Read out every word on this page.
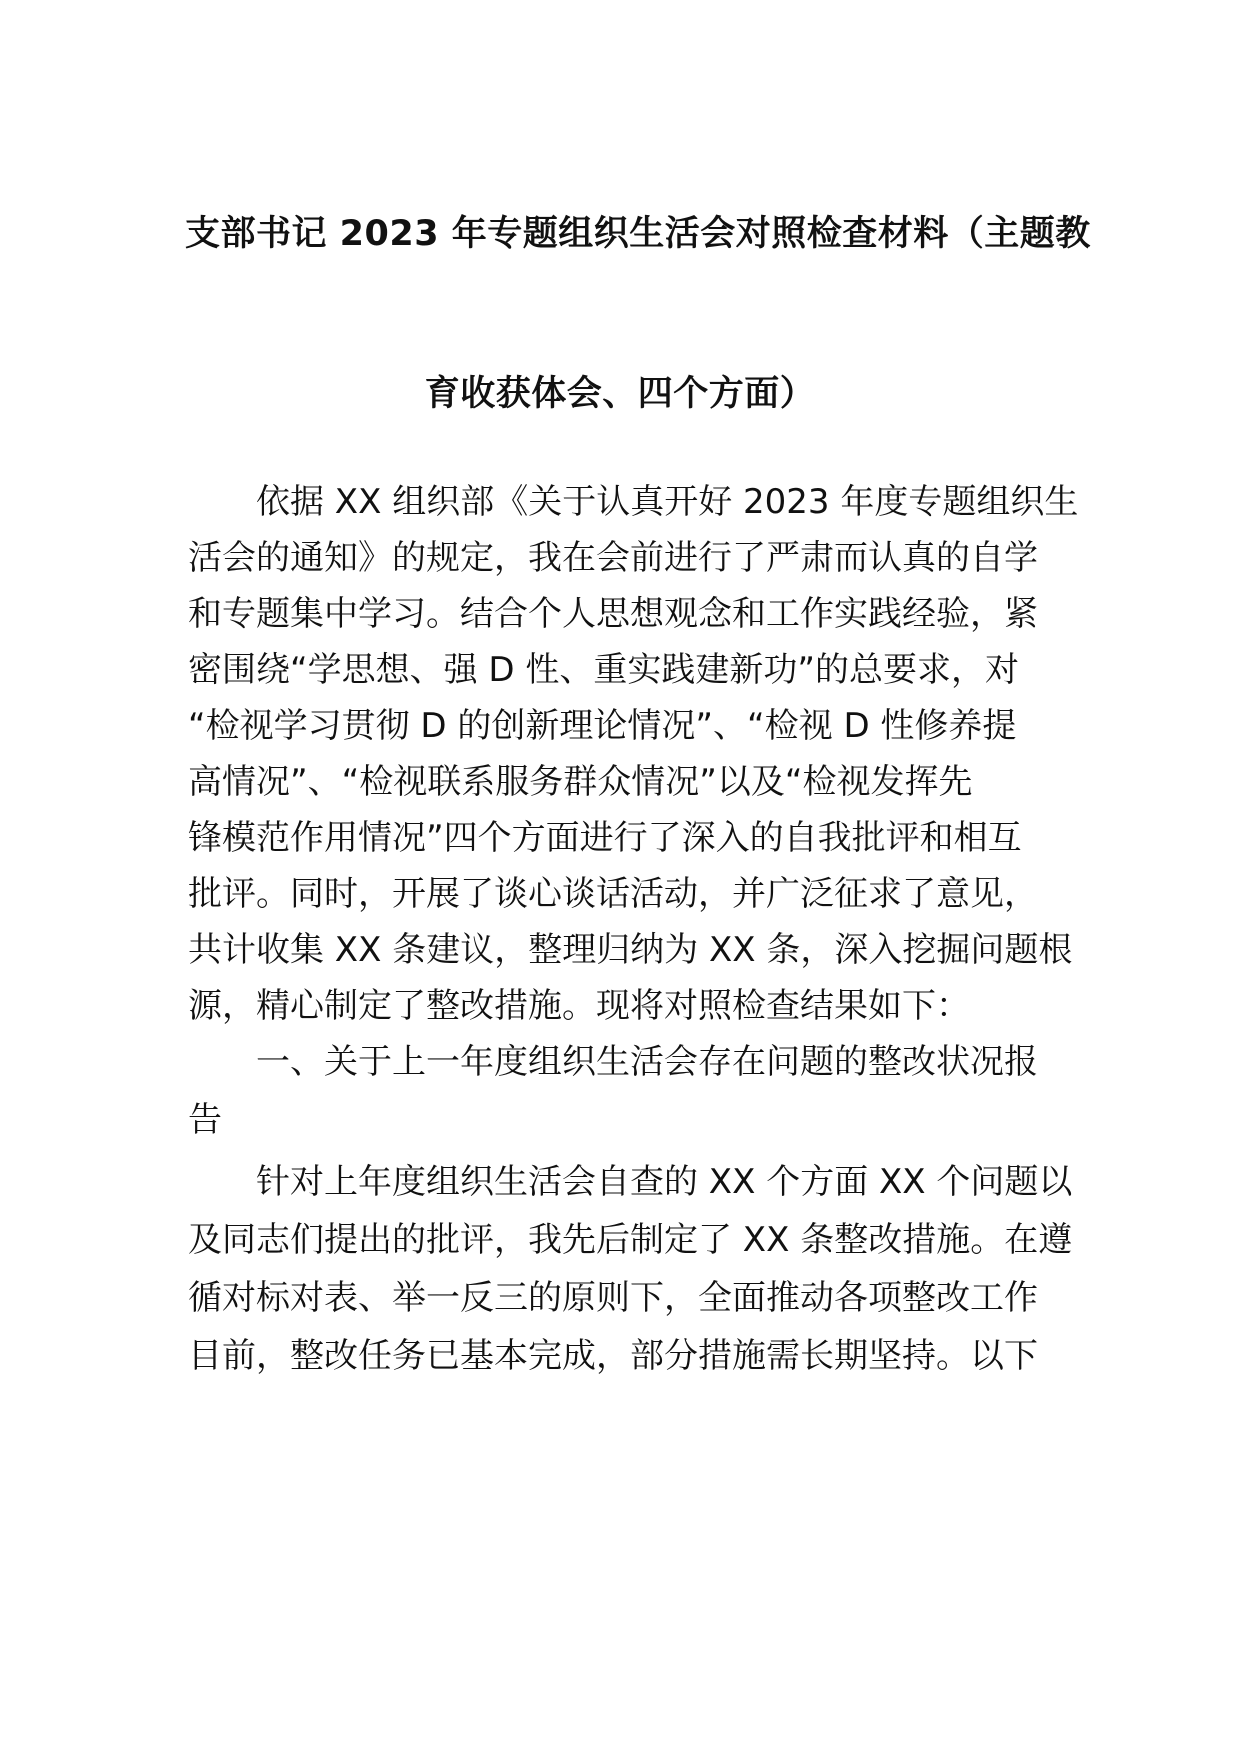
支部书记 2023 年专题组织生活会对照检查材料（主题教
育收获体会、四个方面）
依据 XX 组织部《关于认真开好 2023 年度专题组织生
活会的通知》的规定，我在会前进行了严肃而认真的自学
和专题集中学习。结合个人思想观念和工作实践经验，紧
密围绕“学思想、强 D 性、重实践建新功”的总要求，对
“检视学习贯彻 D 的创新理论情况”、“检视 D 性修养提
高情况”、“检视联系服务群众情况”以及“检视发挥先
锋模范作用情况”四个方面进行了深入的自我批评和相互
批评。同时，开展了谈心谈话活动，并广泛征求了意见，
共计收集 XX 条建议，整理归纳为 XX 条，深入挖掘问题根
源，精心制定了整改措施。现将对照检查结果如下：
一、关于上一年度组织生活会存在问题的整改状况报
告
针对上年度组织生活会自查的 XX 个方面 XX 个问题以
及同志们提出的批评，我先后制定了 XX 条整改措施。在遵
循对标对表、举一反三的原则下，全面推动各项整改工作
目前，整改任务已基本完成，部分措施需长期坚持。以下
